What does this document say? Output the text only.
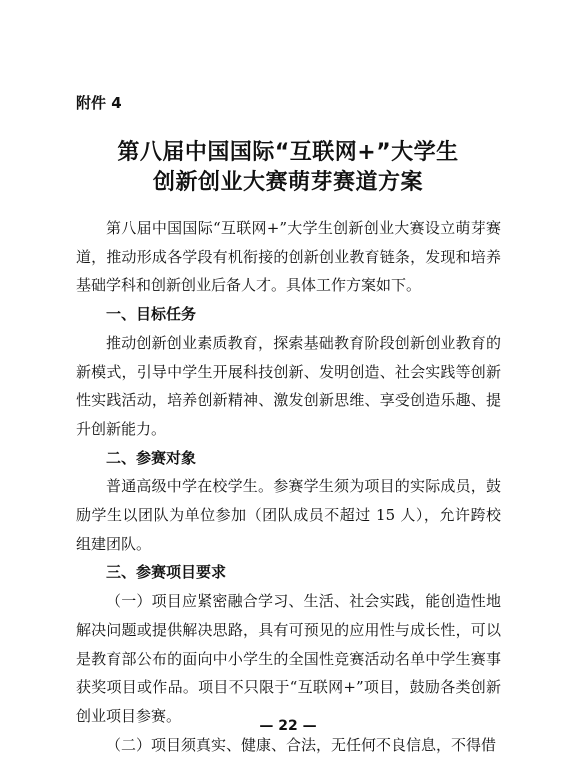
附件 4
第八届中国国际“互联网+”大学生
创新创业大赛萌芽赛道方案

第八届中国国际“互联网+”大学生创新创业大赛设立萌芽赛道，推动形成各学段有机衔接的创新创业教育链条，发现和培养基础学科和创新创业后备人才。具体工作方案如下。

一、目标任务

推动创新创业素质教育，探索基础教育阶段创新创业教育的新模式，引导中学生开展科技创新、发明创造、社会实践等创新性实践活动，培养创新精神、激发创新思维、享受创造乐趣、提升创新能力。

二、参赛对象

普通高级中学在校学生。参赛学生须为项目的实际成员，鼓励学生以团队为单位参加（团队成员不超过 15 人），允许跨校组建团队。

三、参赛项目要求

（一）项目应紧密融合学习、生活、社会实践，能创造性地解决问题或提供解决思路，具有可预见的应用性与成长性，可以是教育部公布的面向中小学生的全国性竞赛活动名单中学生赛事获奖项目或作品。项目不只限于“互联网+”项目，鼓励各类创新创业项目参赛。

（二）项目须真实、健康、合法，无任何不良信息，不得借

— 22 —
